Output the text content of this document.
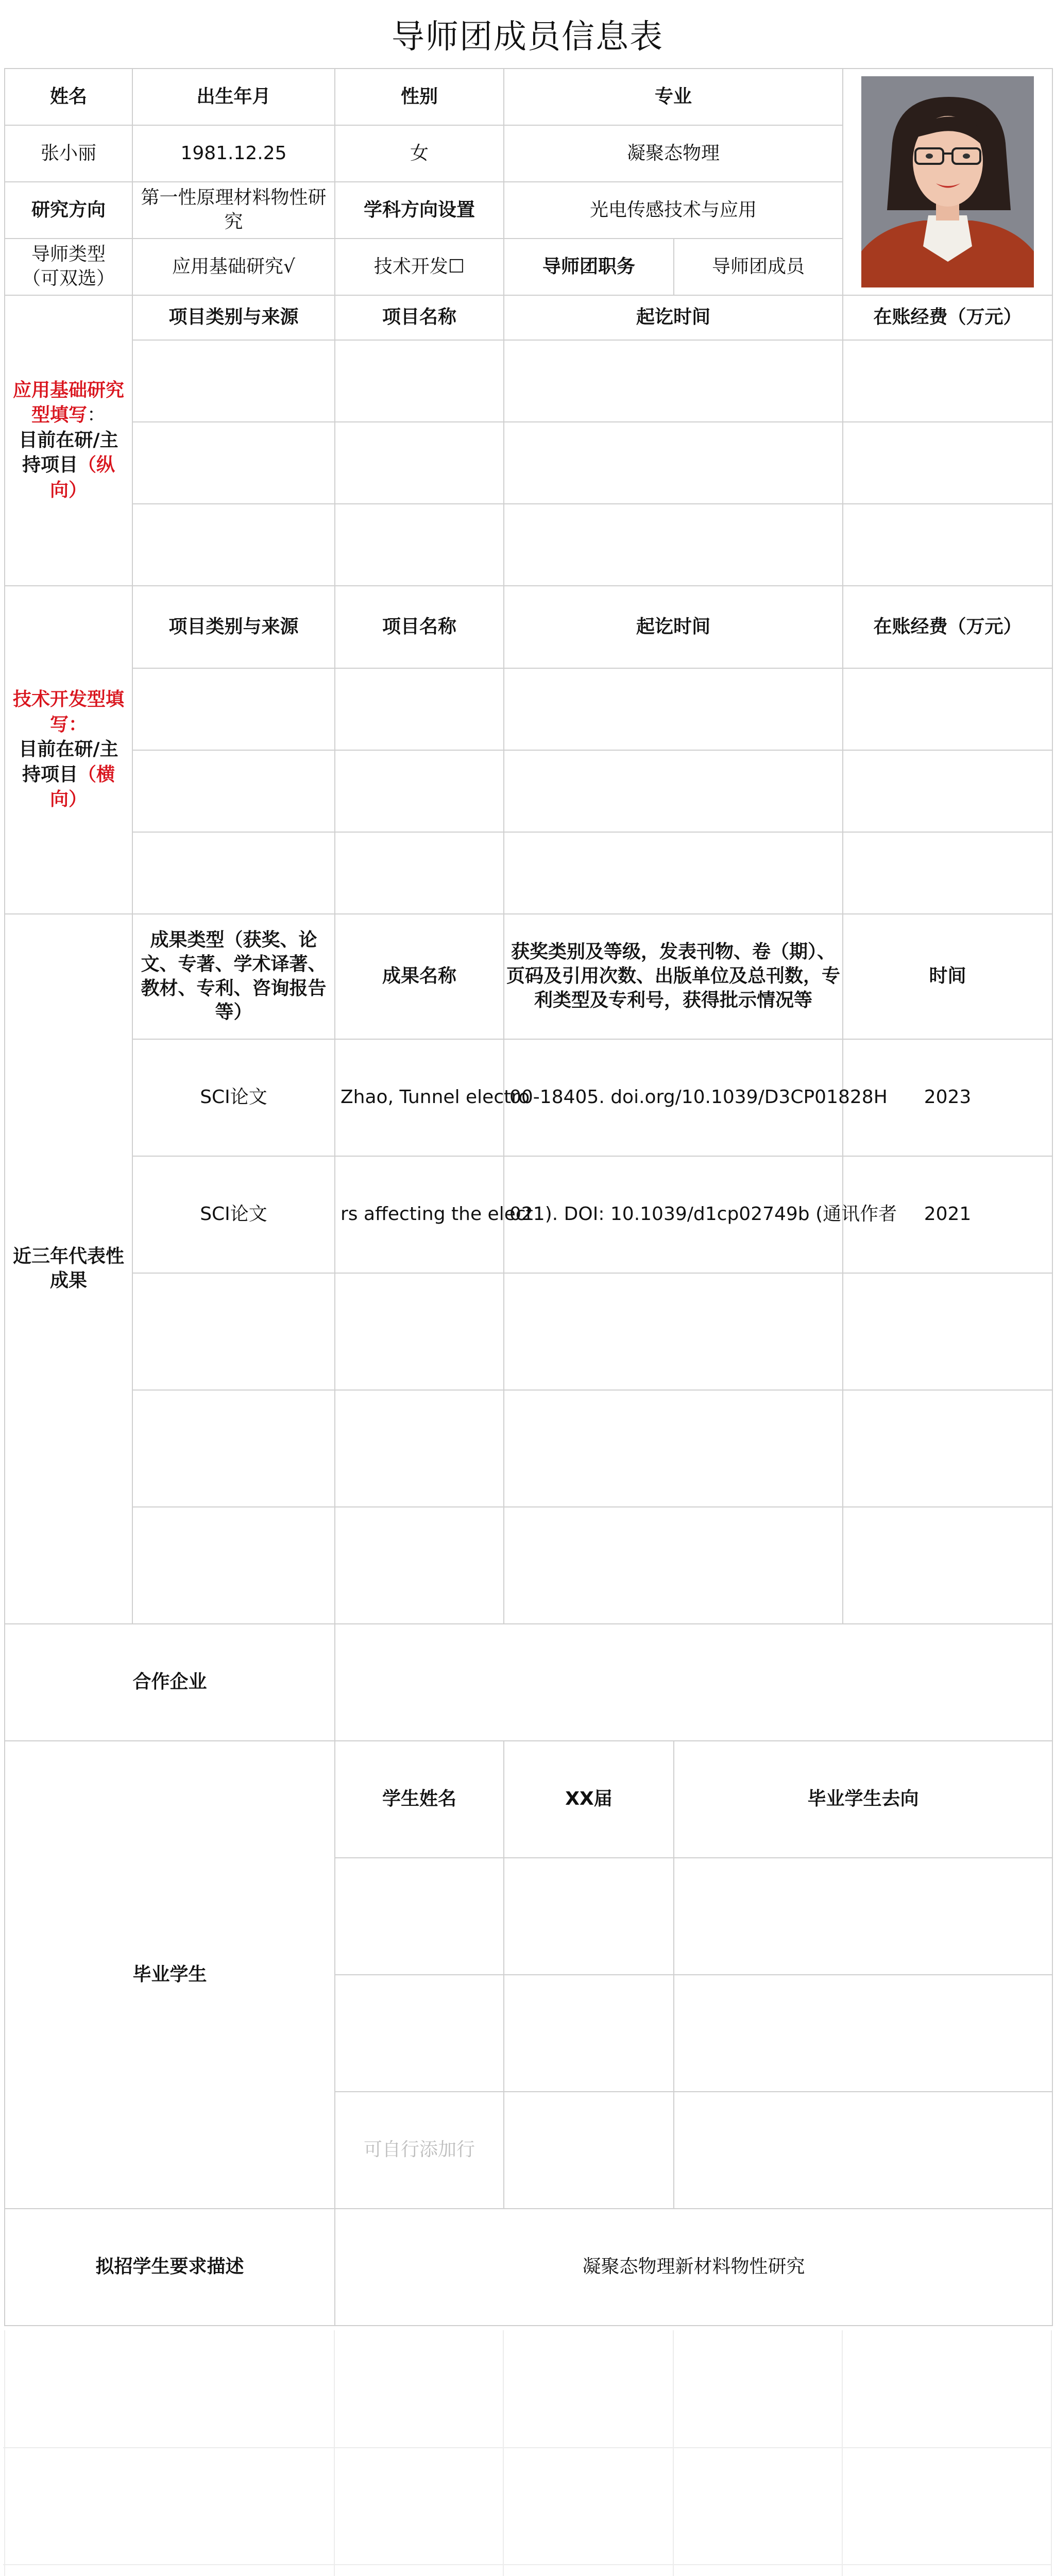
导师团成员信息表
姓名	出生年月	性别	专业	

张小丽	1981.12.25	女	凝聚态物理		
研究方向	第一性原理材料物性研究	学科方向设置	光电传感技术与应用		
导师类型
（可双选）	应用基础研究√	技术开发☐	导师团职务	导师团成员	

应用基础研究型填写：
目前在研/主持项目（纵向）	项目类别与来源	项目名称	起讫时间		在账经费（万元）

技术开发型填写：
目前在研/主持项目（横向）	项目类别与来源	项目名称	起讫时间		在账经费（万元）

近三年代表性成果	成果类型（获奖、论文、专著、学术译著、教材、专利、咨询报告等）	成果名称	获奖类别及等级，发表刊物、卷（期）、页码及引用次数、出版单位及总刊数，专利类型及专利号，获得批示情况等		时间
	SCI论文	Zhao, Tunnel electro	00-18405. doi.org/10.1039/D3CP01828H		2023
	SCI论文	rs affecting the elect	021). DOI: 10.1039/d1cp02749b (通讯作者		2021

合作企业					
毕业学生		学生姓名	XX届	毕业学生去向	

		可自行添加行			
拟招学生要求描述		凝聚态物理新材料物性研究			
